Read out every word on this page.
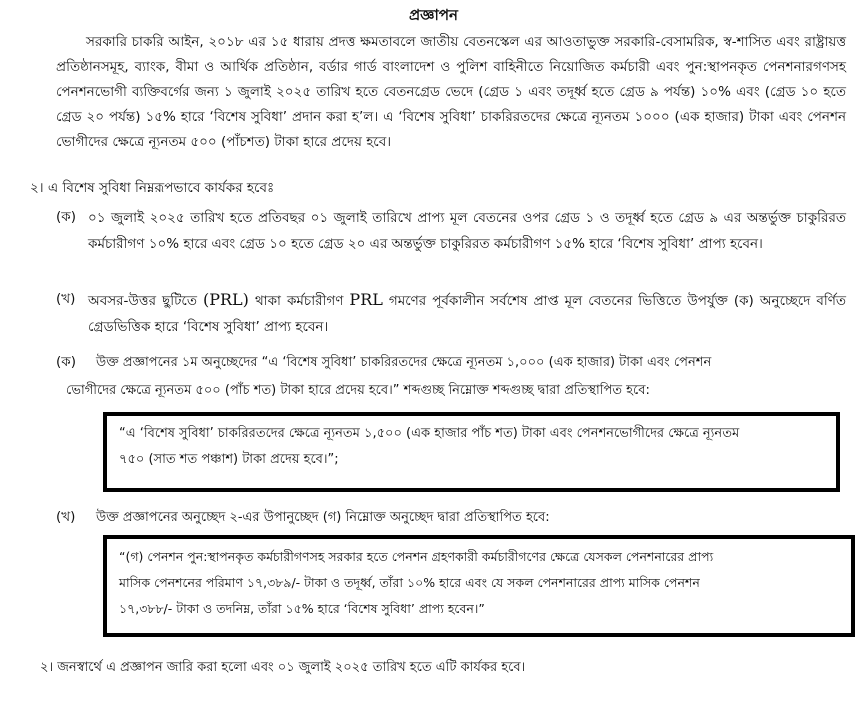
প্রজ্ঞাপন
সরকারি চাকরি আইন, ২০১৮ এর ১৫ ধারায় প্রদত্ত ক্ষমতাবলে জাতীয় বেতনস্কেল এর আওতাভুক্ত সরকারি-বেসামরিক, স্ব-শাসিত এবং রাষ্ট্রায়ত্ত প্রতিষ্ঠানসমূহ, ব্যাংক, বীমা ও আর্থিক প্রতিষ্ঠান, বর্ডার গার্ড বাংলাদেশ ও পুলিশ বাহিনীতে নিয়োজিত কর্মচারী এবং পুন:স্থাপনকৃত পেনশনারগণসহ পেনশনভোগী ব্যক্তিবর্গের জন্য ১ জুলাই ২০২৫ তারিখ হতে বেতনগ্রেড ভেদে (গ্রেড ১ এবং তদূর্ধ্ব হতে গ্রেড ৯ পর্যন্ত) ১০% এবং (গ্রেড ১০ হতে গ্রেড ২০ পর্যন্ত) ১৫% হারে ‘বিশেষ সুবিধা’ প্রদান করা হ’ল। এ ‘বিশেষ সুবিধা’ চাকরিরতদের ক্ষেত্রে ন্যূনতম ১০০০ (এক হাজার) টাকা এবং পেনশন ভোগীদের ক্ষেত্রে ন্যূনতম ৫০০ (পাঁচশত) টাকা হারে প্রদেয় হবে।
২। এ বিশেষ সুবিধা নিম্নরূপভাবে কার্যকর হবেঃ
(ক) ০১ জুলাই ২০২৫ তারিখ হতে প্রতিবছর ০১ জুলাই তারিখে প্রাপ্য মূল বেতনের ওপর গ্রেড ১ ও তদূর্ধ্ব হতে গ্রেড ৯ এর অন্তর্ভুক্ত চাকুরিরত কর্মচারীগণ ১০% হারে এবং গ্রেড ১০ হতে গ্রেড ২০ এর অন্তর্ভুক্ত চাকুরিরত কর্মচারীগণ ১৫% হারে ‘বিশেষ সুবিধা’ প্রাপ্য হবেন।
(খ) অবসর-উত্তর ছুটিতে (PRL) থাকা কর্মচারীগণ PRL গমণের পূর্বকালীন সর্বশেষ প্রাপ্ত মূল বেতনের ভিত্তিতে উপর্যুক্ত (ক) অনুচ্ছেদে বর্ণিত গ্রেডভিত্তিক হারে ‘বিশেষ সুবিধা’ প্রাপ্য হবেন।
(ক) উক্ত প্রজ্ঞাপনের ১ম অনুচ্ছেদের “এ ‘বিশেষ সুবিধা’ চাকরিরতদের ক্ষেত্রে ন্যূনতম ১,০০০ (এক হাজার) টাকা এবং পেনশন
ভোগীদের ক্ষেত্রে ন্যূনতম ৫০০ (পাঁচ শত) টাকা হারে প্রদেয় হবে।” শব্দগুচ্ছ নিম্নোক্ত শব্দগুচ্ছ দ্বারা প্রতিস্থাপিত হবে:
“এ ‘বিশেষ সুবিধা’ চাকরিরতদের ক্ষেত্রে ন্যূনতম ১,৫০০ (এক হাজার পাঁচ শত) টাকা এবং পেনশনভোগীদের ক্ষেত্রে ন্যূনতম
৭৫০ (সাত শত পঞ্চাশ) টাকা প্রদেয় হবে।”;
(খ) উক্ত প্রজ্ঞাপনের অনুচ্ছেদ ২-এর উপানুচ্ছেদ (গ) নিম্নোক্ত অনুচ্ছেদ দ্বারা প্রতিস্থাপিত হবে:
“(গ) পেনশন পুন:স্থাপনকৃত কর্মচারীগণসহ সরকার হতে পেনশন গ্রহণকারী কর্মচারীগণের ক্ষেত্রে যেসকল পেনশনারের প্রাপ্য
মাসিক পেনশনের পরিমাণ ১৭,৩৮৯/- টাকা ও তদূর্ধ্ব, তাঁরা ১০% হারে এবং যে সকল পেনশনারের প্রাপ্য মাসিক পেনশন
১৭,৩৮৮/- টাকা ও তদনিম্ন, তাঁরা ১৫% হারে ‘বিশেষ সুবিধা’ প্রাপ্য হবেন।”
২। জনস্বার্থে এ প্রজ্ঞাপন জারি করা হলো এবং ০১ জুলাই ২০২৫ তারিখ হতে এটি কার্যকর হবে।
